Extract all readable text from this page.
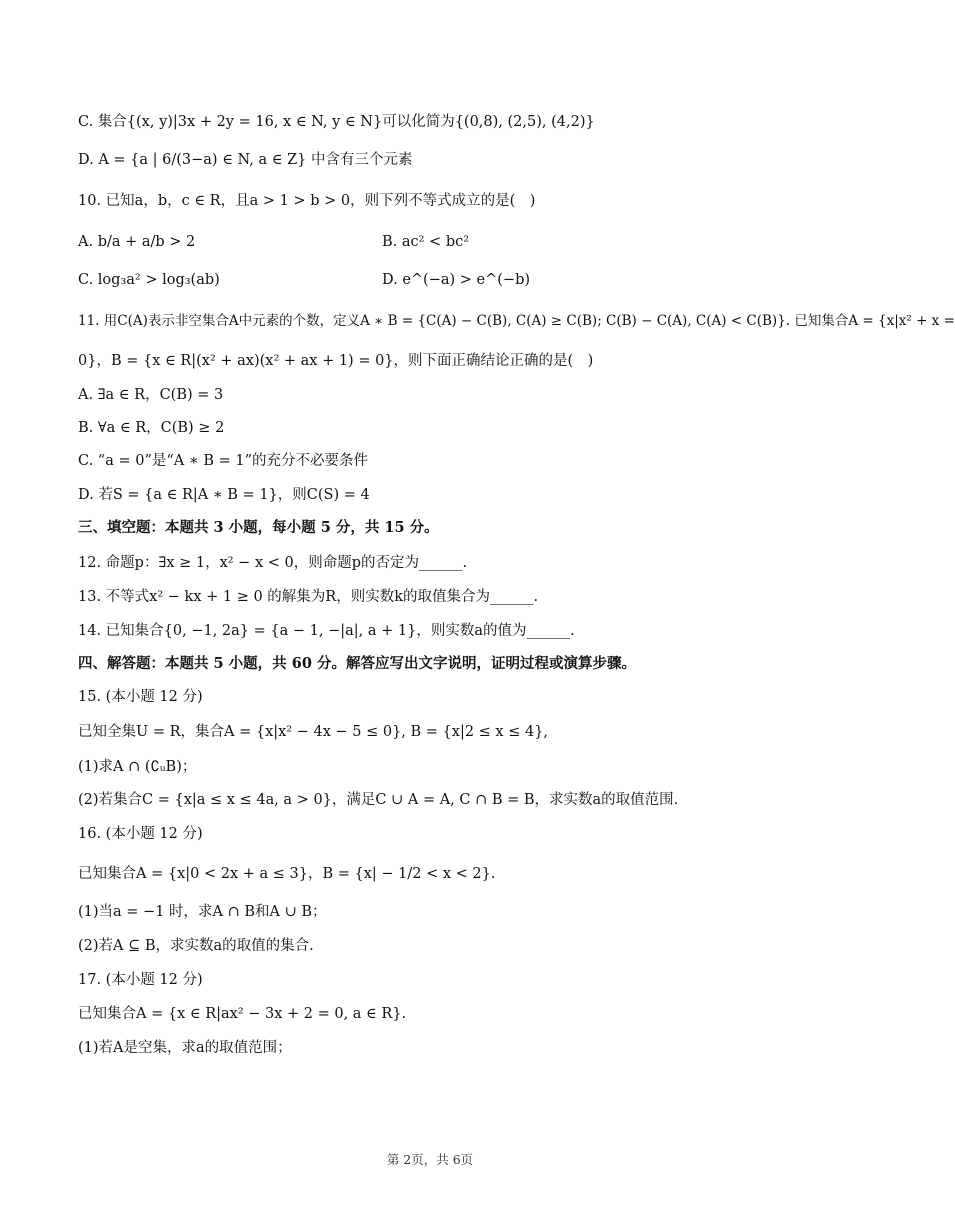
C. 集合{(x, y)|3x + 2y = 16, x ∈ N, y ∈ N}可以化简为{(0,8), (2,5), (4,2)}
D. A = {a | 6/(3−a) ∈ N, a ∈ Z} 中含有三个元素
10. 已知a，b，c ∈ R，且a > 1 > b > 0，则下列不等式成立的是(　)
A. b/a + a/b > 2	B. ac² < bc²
C. log₃a² > log₃(ab)	D. e^(−a) > e^(−b)
11. 用C(A)表示非空集合A中元素的个数，定义A ∗ B = {C(A) − C(B), C(A) ≥ C(B); C(B) − C(A), C(A) < C(B)}. 已知集合A = {x|x² + x =
0}，B = {x ∈ R|(x² + ax)(x² + ax + 1) = 0}，则下面正确结论正确的是(　)
A. ∃a ∈ R，C(B) = 3
B. ∀a ∈ R，C(B) ≥ 2
C. “a = 0”是“A ∗ B = 1”的充分不必要条件
D. 若S = {a ∈ R|A ∗ B = 1}，则C(S) = 4
三、填空题：本题共 3 小题，每小题 5 分，共 15 分。
12. 命题p：∃x ≥ 1，x² − x < 0，则命题p的否定为______.
13. 不等式x² − kx + 1 ≥ 0 的解集为R，则实数k的取值集合为______.
14. 已知集合{0, −1, 2a} = {a − 1, −|a|, a + 1}，则实数a的值为______.
四、解答题：本题共 5 小题，共 60 分。解答应写出文字说明，证明过程或演算步骤。
15. (本小题 12 分)
已知全集U = R，集合A = {x|x² − 4x − 5 ≤ 0}, B = {x|2 ≤ x ≤ 4},
(1)求A ∩ (∁ᵤB)；
(2)若集合C = {x|a ≤ x ≤ 4a, a > 0}，满足C ∪ A = A, C ∩ B = B，求实数a的取值范围.
16. (本小题 12 分)
已知集合A = {x|0 < 2x + a ≤ 3}，B = {x| − 1/2 < x < 2}.
(1)当a = −1 时，求A ∩ B和A ∪ B；
(2)若A ⊆ B，求实数a的取值的集合.
17. (本小题 12 分)
已知集合A = {x ∈ R|ax² − 3x + 2 = 0, a ∈ R}.
(1)若A是空集，求a的取值范围；
第 2页，共 6页
